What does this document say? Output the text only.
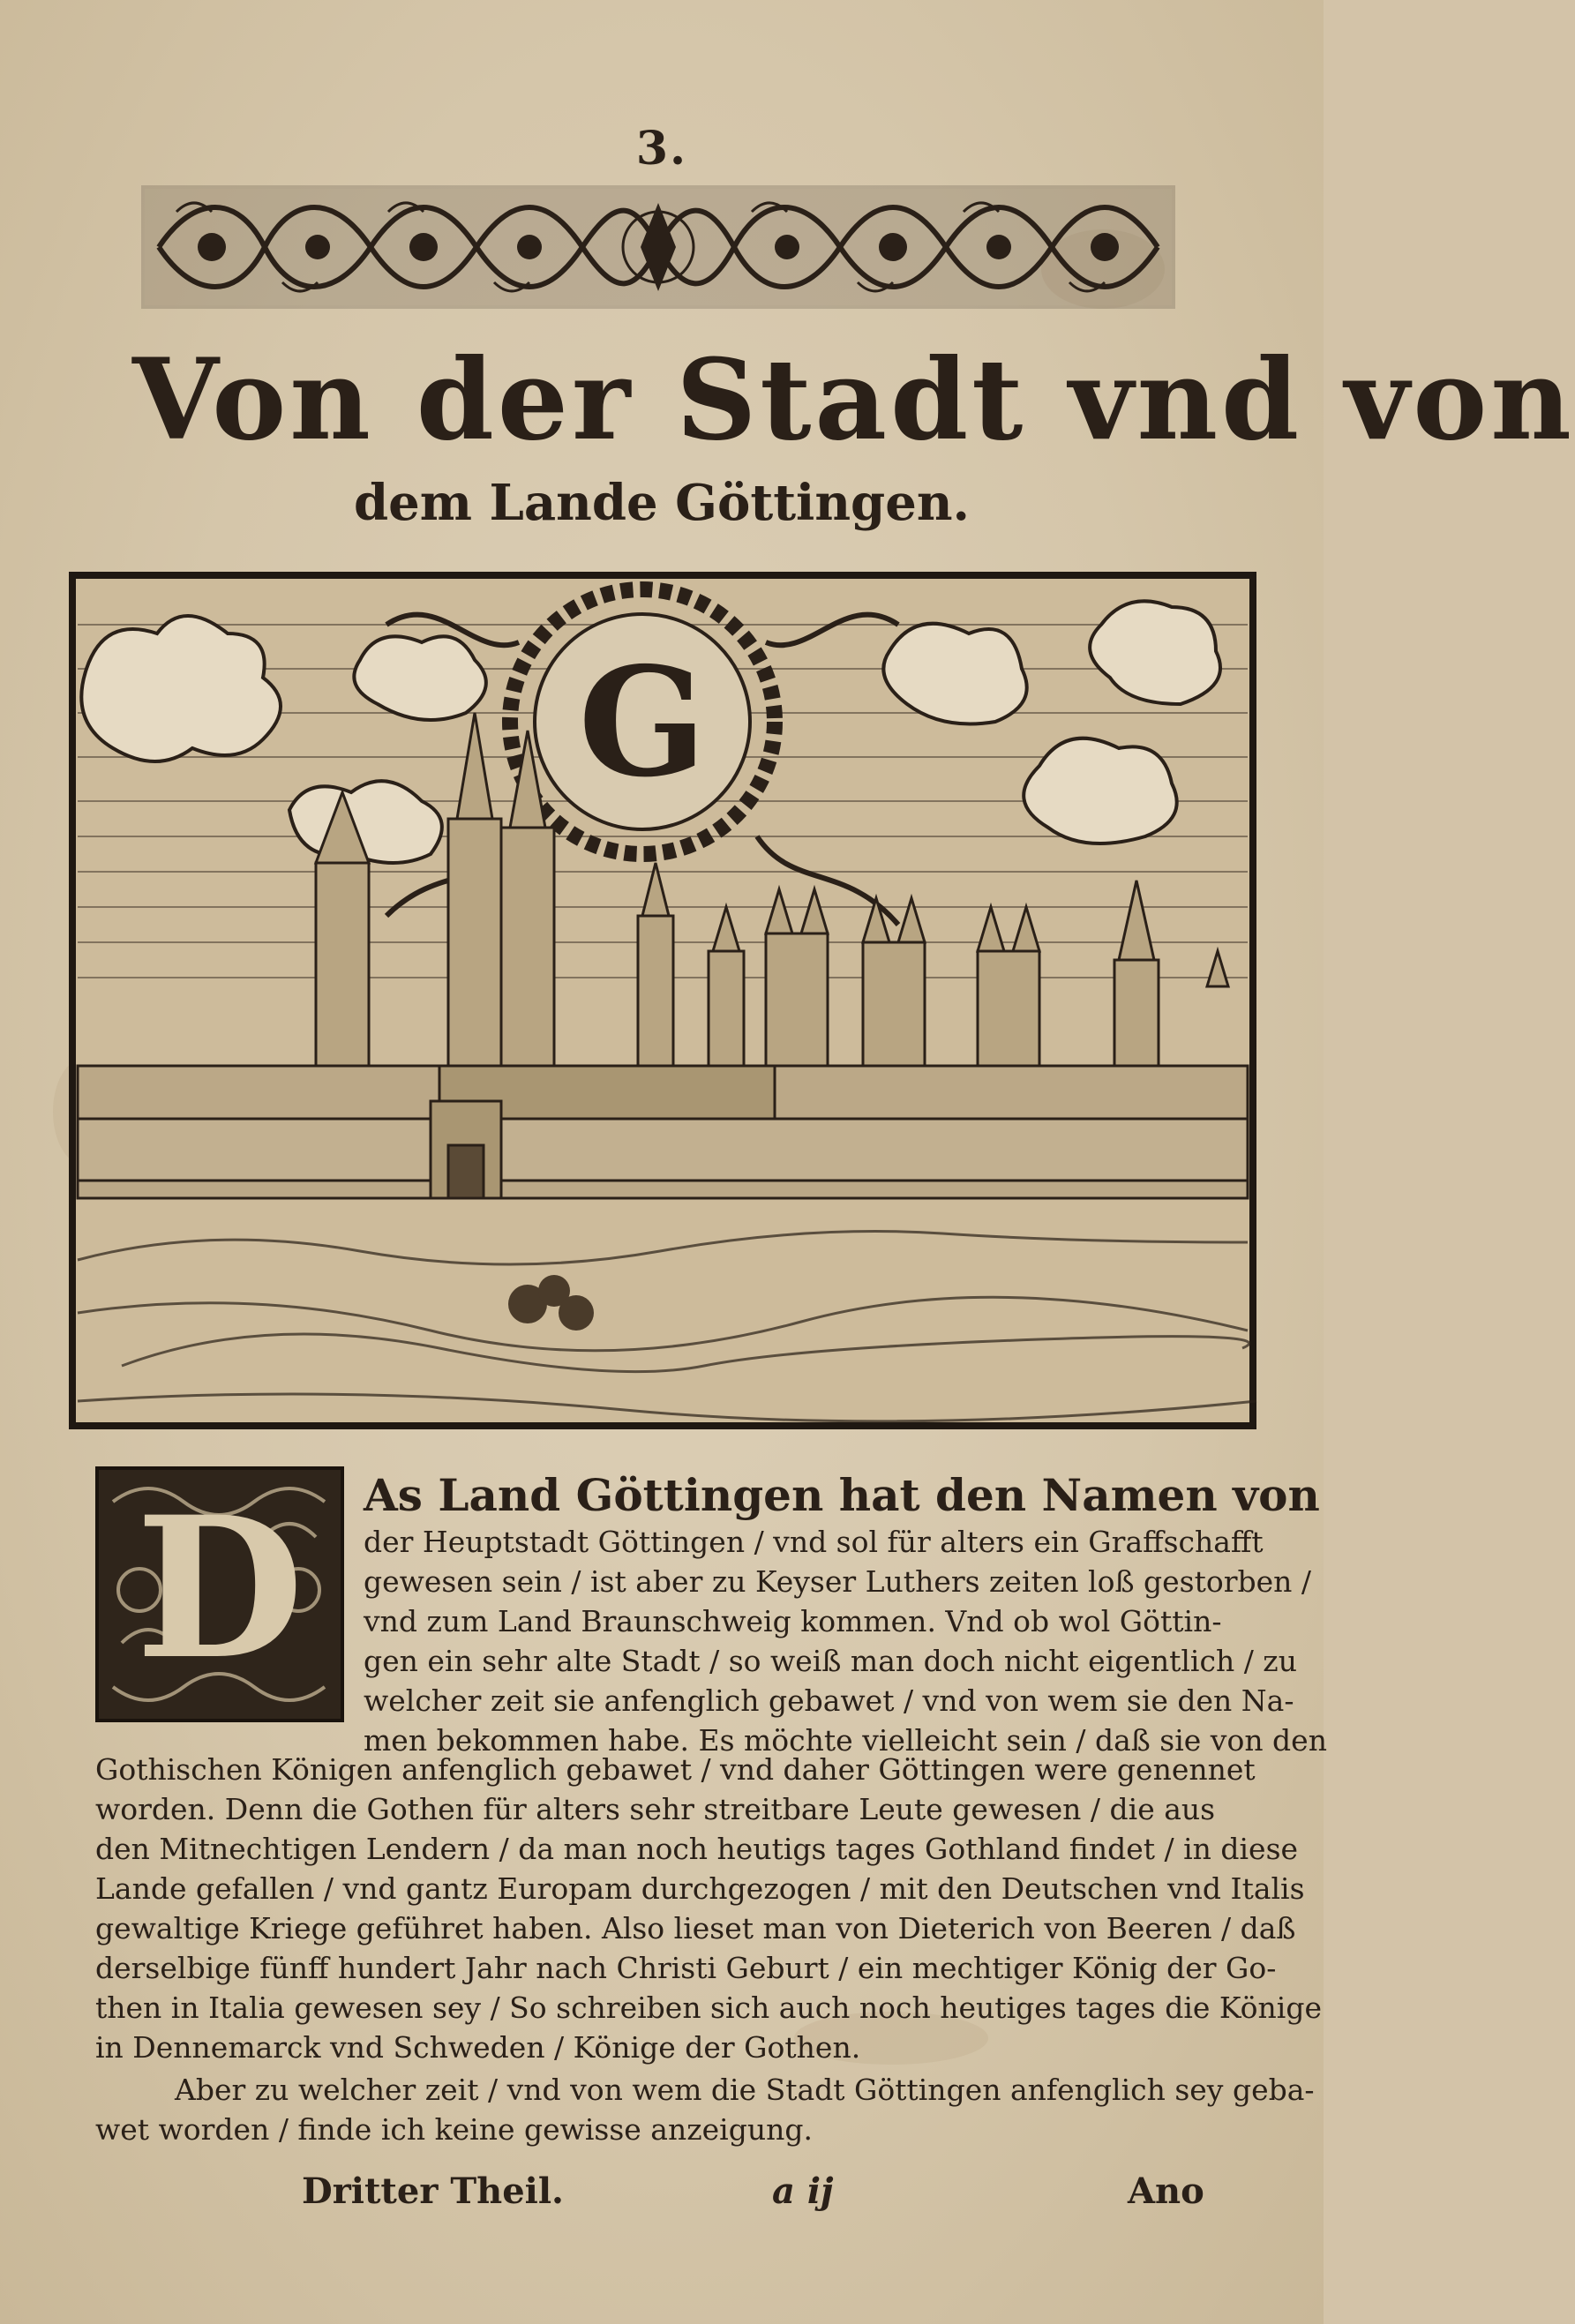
3.
Von der Stadt vnd von
dem Lande Göttingen.
G
D As Land Göttingen hat den Namen von
der Heuptstadt Göttingen / vnd sol für alters ein Graffschafft
gewesen sein / ist aber zu Keyser Luthers zeiten loß gestorben /
vnd zum Land Braunschweig kommen. Vnd ob wol Göttin-
gen ein sehr alte Stadt / so weiß man doch nicht eigentlich / zu
welcher zeit sie anfenglich gebawet / vnd von wem sie den Na-
men bekommen habe. Es möchte vielleicht sein / daß sie von den
Gothischen Königen anfenglich gebawet / vnd daher Göttingen were genennet
worden. Denn die Gothen für alters sehr streitbare Leute gewesen / die aus
den Mitnechtigen Lendern / da man noch heutigs tages Gothland findet / in diese
Lande gefallen / vnd gantz Europam durchgezogen / mit den Deutschen vnd Italis
gewaltige Kriege geführet haben. Also lieset man von Dieterich von Beeren / daß
derselbige fünff hundert Jahr nach Christi Geburt / ein mechtiger König der Go-
then in Italia gewesen sey / So schreiben sich auch noch heutiges tages die Könige
in Dennemarck vnd Schweden / Könige der Gothen.
Aber zu welcher zeit / vnd von wem die Stadt Göttingen anfenglich sey geba-
wet worden / finde ich keine gewisse anzeigung.
Dritter Theil.	a ij	Ano
